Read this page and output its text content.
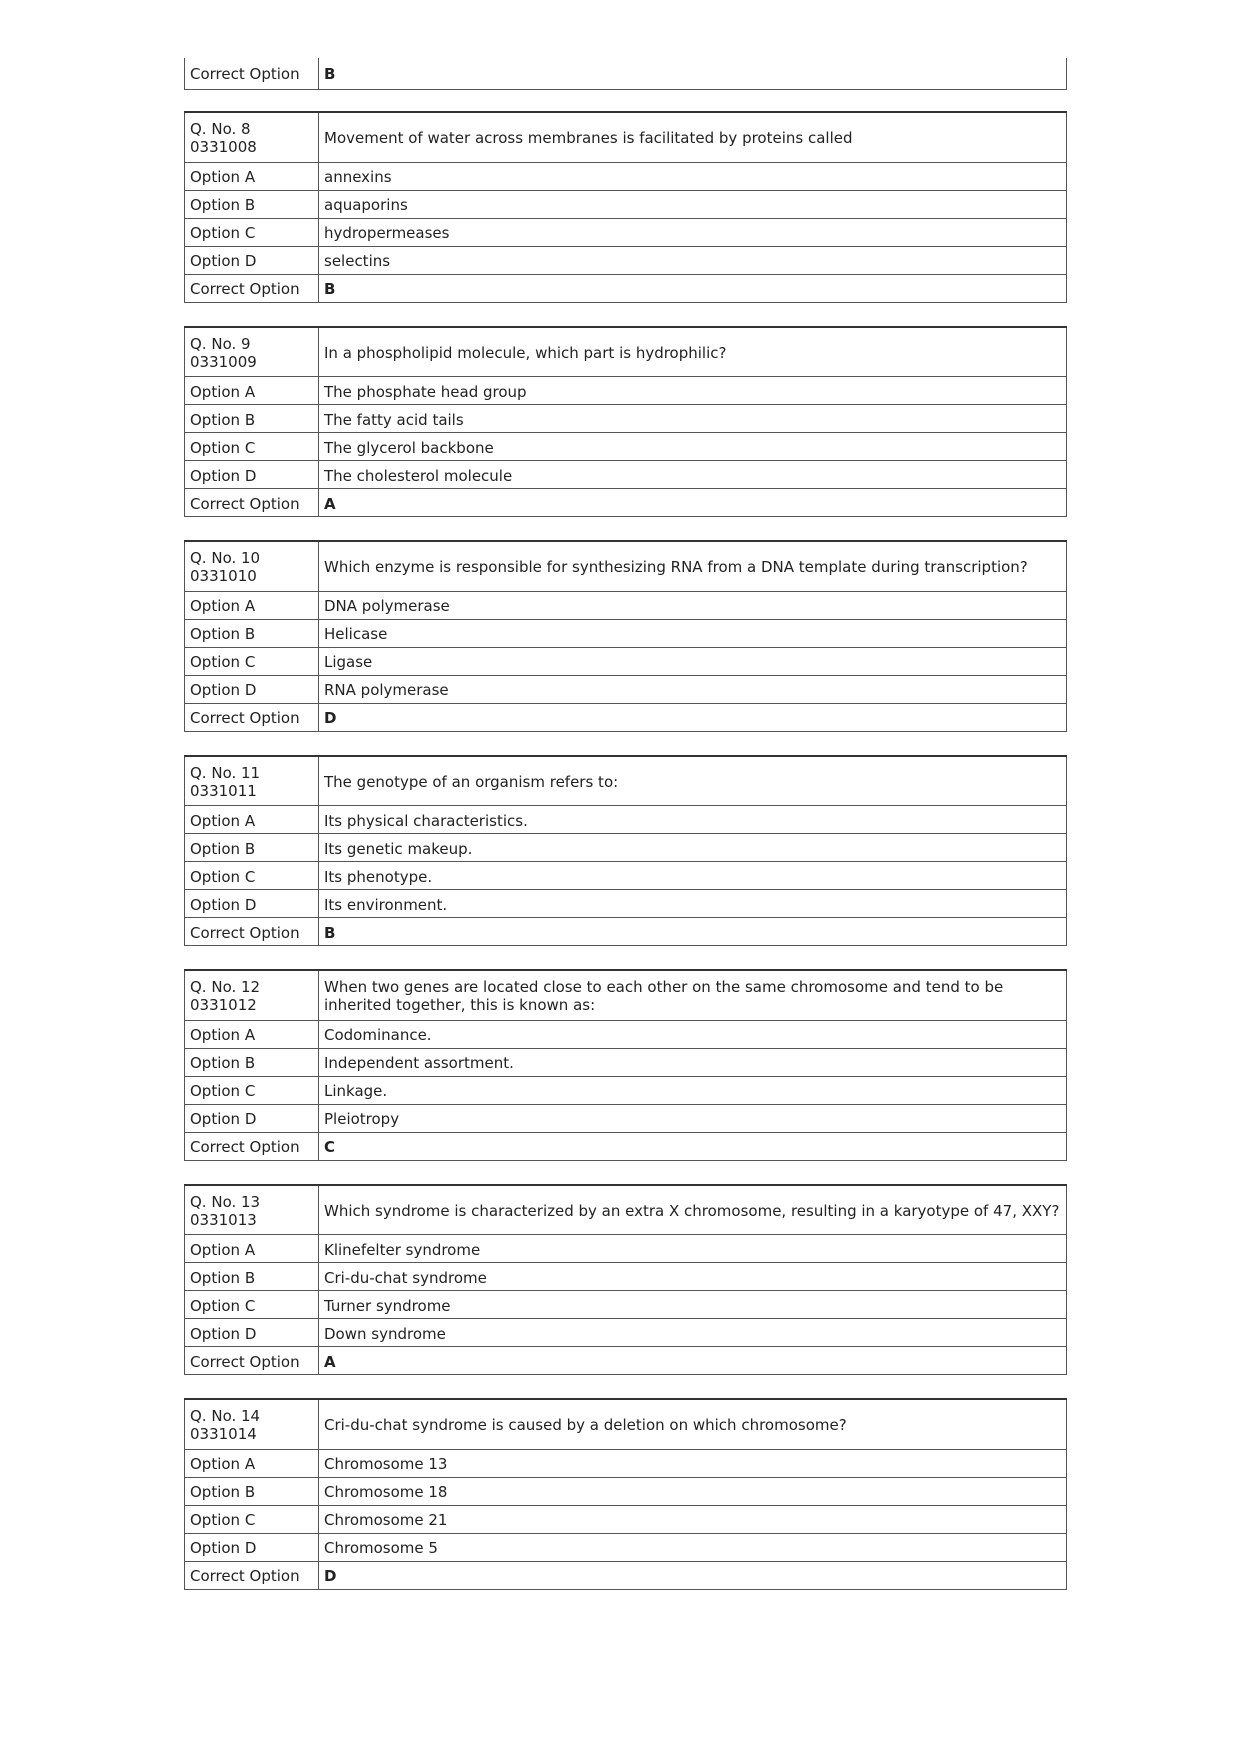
Correct Option	B
Q. No. 8
0331008	Movement of water across membranes is facilitated by proteins called
Option A	annexins
Option B	aquaporins
Option C	hydropermeases
Option D	selectins
Correct Option	B
Q. No. 9
0331009	In a phospholipid molecule, which part is hydrophilic?
Option A	The phosphate head group
Option B	The fatty acid tails
Option C	The glycerol backbone
Option D	The cholesterol molecule
Correct Option	A
Q. No. 10
0331010	Which enzyme is responsible for synthesizing RNA from a DNA template during transcription?
Option A	DNA polymerase
Option B	Helicase
Option C	Ligase
Option D	RNA polymerase
Correct Option	D
Q. No. 11
0331011	The genotype of an organism refers to:
Option A	Its physical characteristics.
Option B	Its genetic makeup.
Option C	Its phenotype.
Option D	Its environment.
Correct Option	B
Q. No. 12
0331012	When two genes are located close to each other on the same chromosome and tend to be inherited together, this is known as:
Option A	Codominance.
Option B	Independent assortment.
Option C	Linkage.
Option D	Pleiotropy
Correct Option	C
Q. No. 13
0331013	Which syndrome is characterized by an extra X chromosome, resulting in a karyotype of 47, XXY?
Option A	Klinefelter syndrome
Option B	Cri-du-chat syndrome
Option C	Turner syndrome
Option D	Down syndrome
Correct Option	A
Q. No. 14
0331014	Cri-du-chat syndrome is caused by a deletion on which chromosome?
Option A	Chromosome 13
Option B	Chromosome 18
Option C	Chromosome 21
Option D	Chromosome 5
Correct Option	D
